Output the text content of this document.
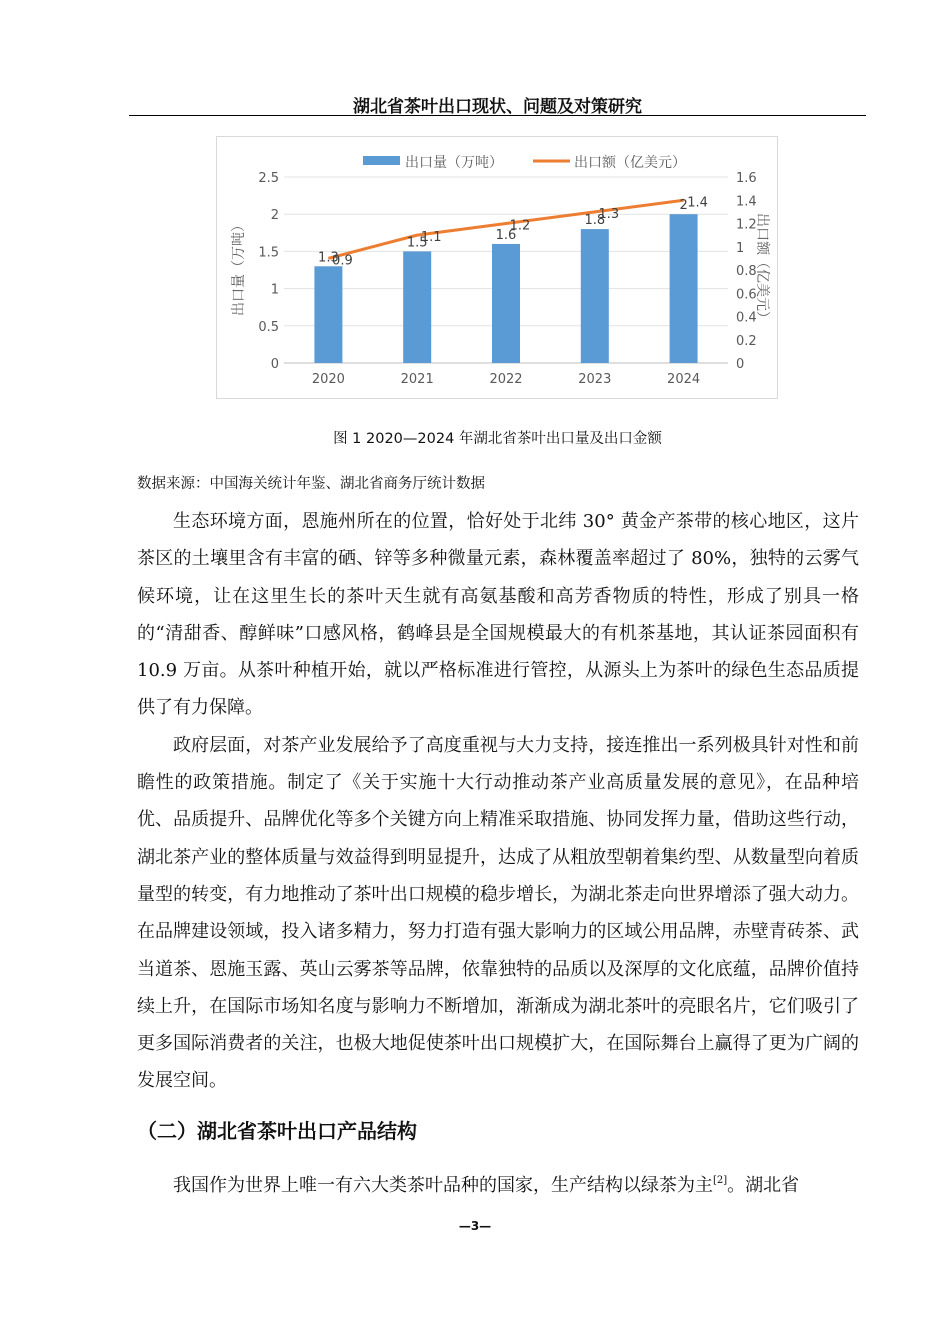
湖北省茶叶出口现状、问题及对策研究
0
0.5
1
1.5
2
2.5
0
0.2
0.4
0.6
0.8
1
1.2
1.4
1.6
2020	2021	2022	2023	2024
1.3
1.5	1.6
1.8
2
0.9
1.1
1.2
1.3
1.4
出口量（万吨）	出口额（亿美元）
出口量（万吨）	出口额（亿美元）
图 1 2020—2024 年湖北省茶叶出口量及出口金额
数据来源：中国海关统计年鉴、湖北省商务厅统计数据

生态环境方面，恩施州所在的位置，恰好处于北纬 30° 黄金产茶带的核心地区，这片茶区的土壤里含有丰富的硒、锌等多种微量元素，森林覆盖率超过了 80%，独特的云雾气候环境，让在这里生长的茶叶天生就有高氨基酸和高芳香物质的特性，形成了别具一格的“清甜香、醇鲜味”口感风格，鹤峰县是全国规模最大的有机茶基地，其认证茶园面积有 10.9 万亩。从茶叶种植开始，就以严格标准进行管控，从源头上为茶叶的绿色生态品质提供了有力保障。

政府层面，对茶产业发展给予了高度重视与大力支持，接连推出一系列极具针对性和前瞻性的政策措施。制定了《关于实施十大行动推动茶产业高质量发展的意见》，在品种培优、品质提升、品牌优化等多个关键方向上精准采取措施、协同发挥力量，借助这些行动，湖北茶产业的整体质量与效益得到明显提升，达成了从粗放型朝着集约型、从数量型向着质量型的转变，有力地推动了茶叶出口规模的稳步增长，为湖北茶走向世界增添了强大动力。在品牌建设领域，投入诸多精力，努力打造有强大影响力的区域公用品牌，赤壁青砖茶、武当道茶、恩施玉露、英山云雾茶等品牌，依靠独特的品质以及深厚的文化底蕴，品牌价值持续上升，在国际市场知名度与影响力不断增加，渐渐成为湖北茶叶的亮眼名片，它们吸引了更多国际消费者的关注，也极大地促使茶叶出口规模扩大，在国际舞台上赢得了更为广阔的发展空间。

（二）湖北省茶叶出口产品结构
我国作为世界上唯一有六大类茶叶品种的国家，生产结构以绿茶为主[2]。湖北省
—3—
